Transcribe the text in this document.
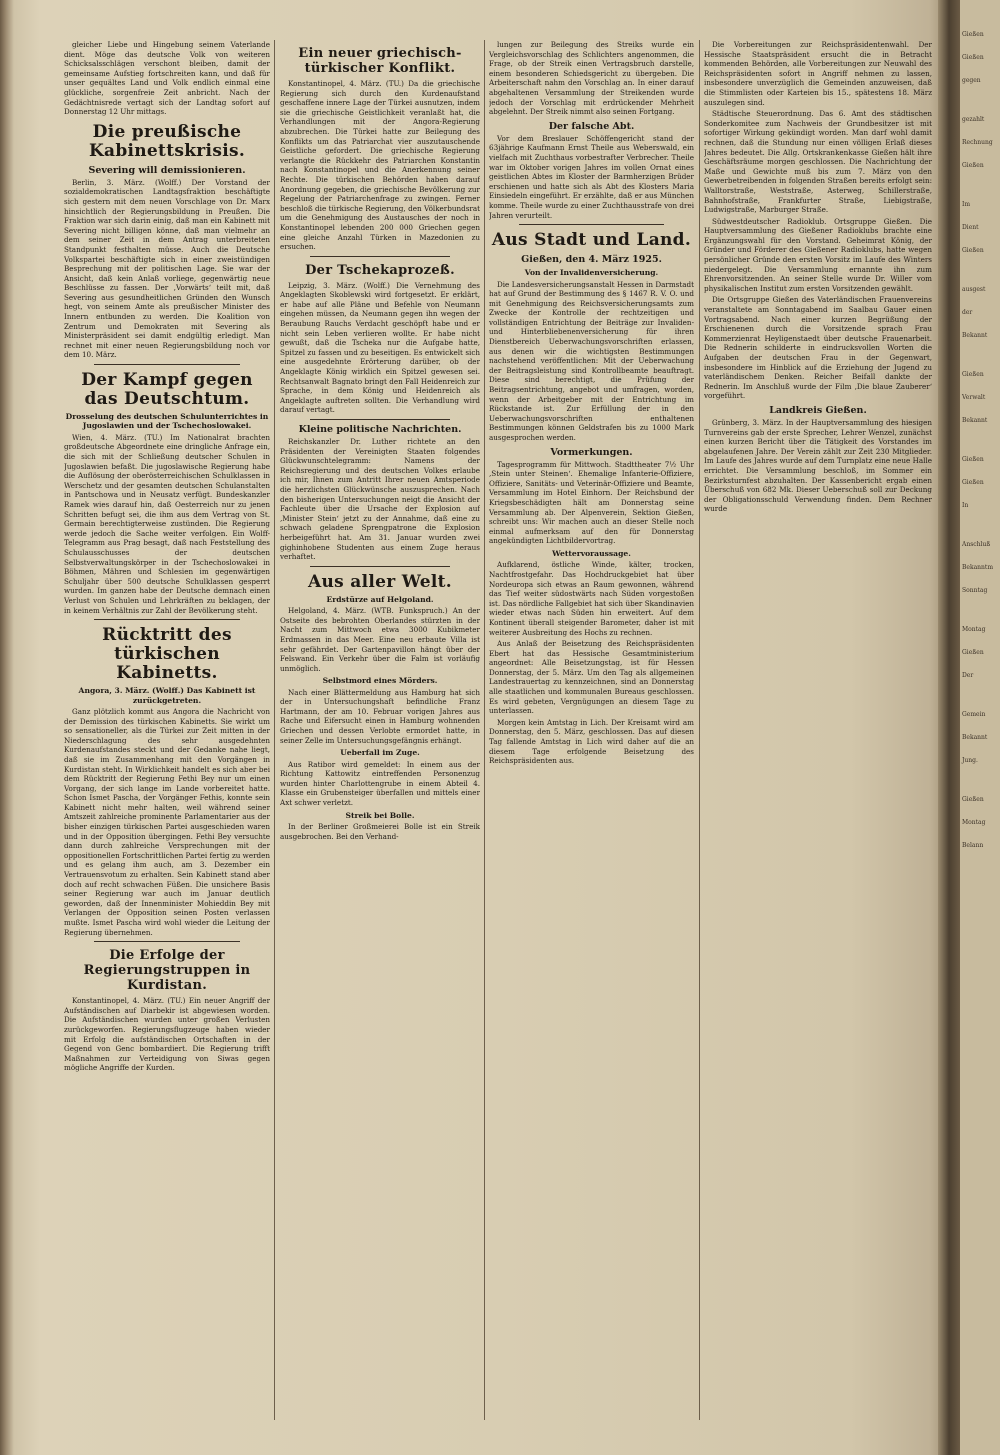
gleicher Liebe und Hingebung seinem Vaterlande dient. Möge das deutsche Volk von weiteren Schicksalsschlägen verschont bleiben, damit der gemeinsame Aufstieg fortschreiten kann, und daß für unser gequältes Land und Volk endlich einmal eine glückliche, sorgenfreie Zeit anbricht. Nach der Gedächtnisrede vertagt sich der Landtag sofort auf Donnerstag 12 Uhr mittags.

Die preußische Kabinettskrisis.
Severing will demissionieren.

Berlin, 3. März. (Wolff.) Der Vorstand der sozialdemokratischen Landtagsfraktion beschäftigte sich gestern mit dem neuen Vorschlage von Dr. Marx hinsichtlich der Regierungsbildung in Preußen. Die Fraktion war sich darin einig, daß man ein Kabinett mit Severing nicht billigen könne, daß man vielmehr an dem seiner Zeit in dem Antrag unterbreiteten Standpunkt festhalten müsse. Auch die Deutsche Volkspartei beschäftigte sich in einer zweistündigen Besprechung mit der politischen Lage. Sie war der Ansicht, daß kein Anlaß vorliege, gegenwärtig neue Beschlüsse zu fassen. Der ‚Vorwärts‘ teilt mit, daß Severing aus gesundheitlichen Gründen den Wunsch hegt, von seinem Amte als preußischer Minister des Innern entbunden zu werden. Die Koalition von Zentrum und Demokraten mit Severing als Ministerpräsident sei damit endgültig erledigt. Man rechnet mit einer neuen Regierungsbildung noch vor dem 10. März.

Der Kampf gegen das Deutschtum.
Drosselung des deutschen Schulunterrichtes in Jugoslawien und der Tschechoslowakei.

Wien, 4. März. (TU.) Im Nationalrat brachten großdeutsche Abgeordnete eine dringliche Anfrage ein, die sich mit der Schließung deutscher Schulen in Jugoslawien befaßt. Die jugoslawische Regierung habe die Auflösung der oberösterreichischen Schulklassen in Werschetz und der gesamten deutschen Schulanstalten in Pantschowa und in Neusatz verfügt. Bundeskanzler Ramek wies darauf hin, daß Oesterreich nur zu jenen Schritten befugt sei, die ihm aus dem Vertrag von St. Germain berechtigterweise zustünden. Die Regierung werde jedoch die Sache weiter verfolgen. Ein Wolff-Telegramm aus Prag besagt, daß nach Feststellung des Schulausschusses der deutschen Selbstverwaltungskörper in der Tschechoslowakei in Böhmen, Mähren und Schlesien im gegenwärtigen Schuljahr über 500 deutsche Schulklassen gesperrt wurden. Im ganzen habe der Deutsche demnach einen Verlust von Schulen und Lehrkräften zu beklagen, der in keinem Verhältnis zur Zahl der Bevölkerung steht.

Rücktritt des türkischen Kabinetts.
Angora, 3. März. (Wolff.) Das Kabinett ist zurückgetreten.

Ganz plötzlich kommt aus Angora die Nachricht von der Demission des türkischen Kabinetts. Sie wirkt um so sensationeller, als die Türkei zur Zeit mitten in der Niederschlagung des sehr ausgedehnten Kurdenaufstandes steckt und der Gedanke nahe liegt, daß sie im Zusammenhang mit den Vorgängen in Kurdistan steht. In Wirklichkeit handelt es sich aber bei dem Rücktritt der Regierung Fethi Bey nur um einen Vorgang, der sich lange im Lande vorbereitet hatte. Schon Ismet Pascha, der Vorgänger Fethis, konnte sein Kabinett nicht mehr halten, weil während seiner Amtszeit zahlreiche prominente Parlamentarier aus der bisher einzigen türkischen Partei ausgeschieden waren und in der Opposition übergingen. Fethi Bey versuchte dann durch zahlreiche Versprechungen mit der oppositionellen Fortschrittlichen Partei fertig zu werden und es gelang ihm auch, am 3. Dezember ein Vertrauensvotum zu erhalten. Sein Kabinett stand aber doch auf recht schwachen Füßen. Die unsichere Basis seiner Regierung war auch im Januar deutlich geworden, daß der Innenminister Mohieddin Bey mit Verlangen der Opposition seinen Posten verlassen mußte. Ismet Pascha wird wohl wieder die Leitung der Regierung übernehmen.

Die Erfolge der Regierungstruppen in Kurdistan.

Konstantinopel, 4. März. (TU.) Ein neuer Angriff der Aufständischen auf Diarbekir ist abgewiesen worden. Die Aufständischen wurden unter großen Verlusten zurückgeworfen. Regierungsflugzeuge haben wieder mit Erfolg die aufständischen Ortschaften in der Gegend von Genc bombardiert. Die Regierung trifft Maßnahmen zur Verteidigung von Siwas gegen mögliche Angriffe der Kurden.

Ein neuer griechisch-türkischer Konflikt.

Konstantinopel, 4. März. (TU.) Da die griechische Regierung sich durch den Kurdenaufstand geschaffene innere Lage der Türkei ausnutzen, indem sie die griechische Geistlichkeit veranlaßt hat, die Verhandlungen mit der Angora-Regierung abzubrechen. Die Türkei hatte zur Beilegung des Konflikts um das Patriarchat vier auszutauschende Geistliche gefordert. Die griechische Regierung verlangte die Rückkehr des Patriarchen Konstantin nach Konstantinopel und die Anerkennung seiner Rechte. Die türkischen Behörden haben darauf Anordnung gegeben, die griechische Bevölkerung zur Regelung der Patriarchenfrage zu zwingen. Ferner beschloß die türkische Regierung, den Völkerbundsrat um die Genehmigung des Austausches der noch in Konstantinopel lebenden 200 000 Griechen gegen eine gleiche Anzahl Türken in Mazedonien zu ersuchen.

Der Tschekaprozeß.

Leipzig, 3. März. (Wolff.) Die Vernehmung des Angeklagten Skoblewski wird fortgesetzt. Er erklärt, er habe auf alle Pläne und Befehle von Neumann eingehen müssen, da Neumann gegen ihn wegen der Beraubung Rauchs Verdacht geschöpft habe und er nicht sein Leben verlieren wollte. Er habe nicht gewußt, daß die Tscheka nur die Aufgabe hatte, Spitzel zu fassen und zu beseitigen. Es entwickelt sich eine ausgedehnte Erörterung darüber, ob der Angeklagte König wirklich ein Spitzel gewesen sei. Rechtsanwalt Bagnato bringt den Fall Heidenreich zur Sprache, in dem König und Heidenreich als Angeklagte auftreten sollten. Die Verhandlung wird darauf vertagt.

Kleine politische Nachrichten.

Reichskanzler Dr. Luther richtete an den Präsidenten der Vereinigten Staaten folgendes Glückwunschtelegramm: Namens der Reichsregierung und des deutschen Volkes erlaube ich mir, Ihnen zum Antritt Ihrer neuen Amtsperiode die herzlichsten Glückwünsche auszusprechen. Nach den bisherigen Untersuchungen neigt die Ansicht der Fachleute über die Ursache der Explosion auf ‚Minister Stein‘ jetzt zu der Annahme, daß eine zu schwach geladene Sprengpatrone die Explosion herbeigeführt hat. Am 31. Januar wurden zwei gighinhobene Studenten aus einem Zuge heraus verhaftet.

Aus aller Welt.
Erdstürze auf Helgoland.

Helgoland, 4. März. (WTB. Funkspruch.) An der Ostseite des bebrohten Oberlandes stürzten in der Nacht zum Mittwoch etwa 3000 Kubikmeter Erdmassen in das Meer. Eine neu erbaute Villa ist sehr gefährdet. Der Gartenpavillon hängt über der Felswand. Ein Verkehr über die Falm ist vorläufig unmöglich.

Selbstmord eines Mörders.

Nach einer Blättermeldung aus Hamburg hat sich der in Untersuchungshaft befindliche Franz Hartmann, der am 10. Februar vorigen Jahres aus Rache und Eifersucht einen in Hamburg wohnenden Griechen und dessen Verlobte ermordet hatte, in seiner Zelle im Untersuchungsgefängnis erhängt.

Ueberfall im Zuge.

Aus Ratibor wird gemeldet: In einem aus der Richtung Kattowitz eintreffenden Personenzug wurden hinter Charlottengrube in einem Abteil 4. Klasse ein Grubensteiger überfallen und mittels einer Axt schwer verletzt.

Streik bei Bolle.

In der Berliner Großmeierei Bolle ist ein Streik ausgebrochen. Bei den Verhand-

lungen zur Beilegung des Streiks wurde ein Vergleichsvorschlag des Schlichters angenommen, die Frage, ob der Streik einen Vertragsbruch darstelle, einem besonderen Schiedsgericht zu übergeben. Die Arbeiterschaft nahm den Vorschlag an. In einer darauf abgehaltenen Versammlung der Streikenden wurde jedoch der Vorschlag mit erdrückender Mehrheit abgelehnt. Der Streik nimmt also seinen Fortgang.

Der falsche Abt.

Vor dem Breslauer Schöffengericht stand der 63jährige Kaufmann Ernst Theile aus Weberswald, ein vielfach mit Zuchthaus vorbestrafter Verbrecher. Theile war im Oktober vorigen Jahres im vollen Ornat eines geistlichen Abtes im Kloster der Barmherzigen Brüder erschienen und hatte sich als Abt des Klosters Maria Einsiedeln eingeführt. Er erzählte, daß er aus München komme. Theile wurde zu einer Zuchthausstrafe von drei Jahren verurteilt.

Aus Stadt und Land.
Gießen, den 4. März 1925.
Von der Invalidenversicherung.

Die Landesversicherungsanstalt Hessen in Darmstadt hat auf Grund der Bestimmung des § 1467 R. V. O. und mit Genehmigung des Reichsversicherungsamts zum Zwecke der Kontrolle der rechtzeitigen und vollständigen Entrichtung der Beiträge zur Invaliden- und Hinterbliebenenversicherung für ihren Dienstbereich Ueberwachungsvorschriften erlassen, aus denen wir die wichtigsten Bestimmungen nachstehend veröffentlichen: Mit der Ueberwachung der Beitragsleistung sind Kontrollbeamte beauftragt. Diese sind berechtigt, die Prüfung der Beitragsentrichtung, angebot und umfragen, worden, wenn der Arbeitgeber mit der Entrichtung im Rückstande ist. Zur Erfüllung der in den Ueberwachungsvorschriften enthaltenen Bestimmungen können Geldstrafen bis zu 1000 Mark ausgesprochen werden.

Vormerkungen.

Tagesprogramm für Mittwoch. Stadttheater 7½ Uhr ‚Stein unter Steinen‘. Ehemalige Infanterie-Offiziere, Offiziere, Sanitäts- und Veterinär-Offiziere und Beamte, Versammlung im Hotel Einhorn. Der Reichsbund der Kriegsbeschädigten hält am Donnerstag seine Versammlung ab. Der Alpenverein, Sektion Gießen, schreibt uns: Wir machen auch an dieser Stelle noch einmal aufmerksam auf den für Donnerstag angekündigten Lichtbildervortrag.

Wettervoraussage.

Aufklarend, östliche Winde, kälter, trocken, Nachtfrostgefahr. Das Hochdruckgebiet hat über Nordeuropa sich etwas an Raum gewonnen, während das Tief weiter südostwärts nach Süden vorgestoßen ist. Das nördliche Fallgebiet hat sich über Skandinavien wieder etwas nach Süden hin erweitert. Auf dem Kontinent überall steigender Barometer, daher ist mit weiterer Ausbreitung des Hochs zu rechnen.

Aus Anlaß der Beisetzung des Reichspräsidenten Ebert hat das Hessische Gesamtministerium angeordnet: Alle Beisetzungstag, ist für Hessen Donnerstag, der 5. März. Um den Tag als allgemeinen Landestrauertag zu kennzeichnen, sind an Donnerstag alle staatlichen und kommunalen Bureaus geschlossen. Es wird gebeten, Vergnügungen an diesem Tage zu unterlassen.

Morgen kein Amtstag in Lich. Der Kreisamt wird am Donnerstag, den 5. März, geschlossen. Das auf diesen Tag fallende Amtstag in Lich wird daher auf die an diesem Tage erfolgende Beisetzung des Reichspräsidenten aus.

Die Vorbereitungen zur Reichspräsidentenwahl. Der Hessische Staatspräsident ersucht die in Betracht kommenden Behörden, alle Vorbereitungen zur Neuwahl des Reichspräsidenten sofort in Angriff nehmen zu lassen, insbesondere unverzüglich die Gemeinden anzuweisen, daß die Stimmlisten oder Karteien bis 15., spätestens 18. März auszulegen sind.

Städtische Steuerordnung. Das 6. Amt des städtischen Sonderkomitee zum Nachweis der Grundbesitzer ist mit sofortiger Wirkung gekündigt worden. Man darf wohl damit rechnen, daß die Stundung nur einen völligen Erlaß dieses Jahres bedeutet. Die Allg. Ortskrankenkasse Gießen hält ihre Geschäftsräume morgen geschlossen. Die Nachrichtung der Maße und Gewichte muß bis zum 7. März von den Gewerbetreibenden in folgenden Straßen bereits erfolgt sein: Walltorstraße, Weststraße, Asterweg, Schillerstraße, Bahnhofstraße, Frankfurter Straße, Liebigstraße, Ludwigstraße, Marburger Straße.

Südwestdeutscher Radioklub. Ortsgruppe Gießen. Die Hauptversammlung des Gießener Radioklubs brachte eine Ergänzungswahl für den Vorstand. Geheimrat König, der Gründer und Förderer des Gießener Radioklubs, hatte wegen persönlicher Gründe den ersten Vorsitz im Laufe des Winters niedergelegt. Die Versammlung ernannte ihn zum Ehrenvorsitzenden. An seiner Stelle wurde Dr. Willer vom physikalischen Institut zum ersten Vorsitzenden gewählt.

Die Ortsgruppe Gießen des Vaterländischen Frauenvereins veranstaltete am Sonntagabend im Saalbau Gauer einen Vortragsabend. Nach einer kurzen Begrüßung der Erschienenen durch die Vorsitzende sprach Frau Kommerzienrat Heyligenstaedt über deutsche Frauenarbeit. Die Rednerin schilderte in eindrucksvollen Worten die Aufgaben der deutschen Frau in der Gegenwart, insbesondere im Hinblick auf die Erziehung der Jugend zu vaterländischem Denken. Reicher Beifall dankte der Rednerin. Im Anschluß wurde der Film ‚Die blaue Zauberer‘ vorgeführt.

Landkreis Gießen.

Grünberg, 3. März. In der Hauptversammlung des hiesigen Turnvereins gab der erste Sprecher, Lehrer Wenzel, zunächst einen kurzen Bericht über die Tätigkeit des Vorstandes im abgelaufenen Jahre. Der Verein zählt zur Zeit 230 Mitglieder. Im Laufe des Jahres wurde auf dem Turnplatz eine neue Halle errichtet. Die Versammlung beschloß, im Sommer ein Bezirksturnfest abzuhalten. Der Kassenbericht ergab einen Überschuß von 682 Mk. Dieser Ueberschuß soll zur Deckung der Obligationsschuld Verwendung finden. Dem Rechner wurde

Gießen
Gießen
gegen
gezahlt
Rechnung
Gießen
Im
Dient
Gießen
ausgest
der
Bekannt
Gießen
Verwalt
Bekannt
Gießen
Gießen
In
Anschluß
Bekanntm
Sonntag
Montag
Gießen
Der
Gemein
Bekannt
Jung.
Gießen
Montag
Belann
